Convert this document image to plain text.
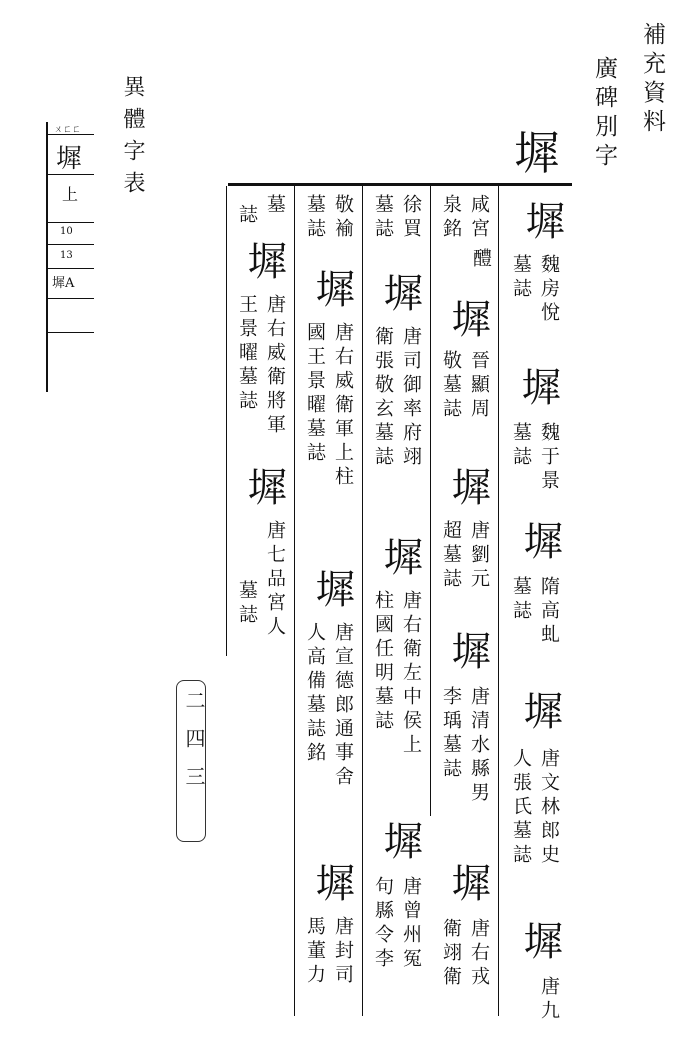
補充資料
廣碑別字
異體字表
ㄨㄈㄈ
墀
上
10
13
墀A
墀
二四三
墀
魏房悅
墓誌
墀
魏于景
墓誌
墀
隋高虬
墓誌
墀
唐文林郎史
人張氏墓誌
墀
唐九
咸宮
泉銘
醴
墀
晉顯周
敬墓誌
墀
唐劉元
超墓誌
墀
唐清水縣男
李瑀墓誌
墀
唐右戎
衛翊衛
徐買
墓誌
墀
唐司御率府翊
衛張敬玄墓誌
墀
唐右衛左中侯上
柱國任明墓誌
墀
唐曾州冤
句縣令李
敬褕
墓誌
墀
唐右威衛軍上柱
國王景曜墓誌
墀
唐宣德郎通事舍
人高備墓誌銘
墀
唐封司
馬董力
墓
誌
墀
唐右威衛將軍
王景曜墓誌
墀
唐七品宮人
墓誌
